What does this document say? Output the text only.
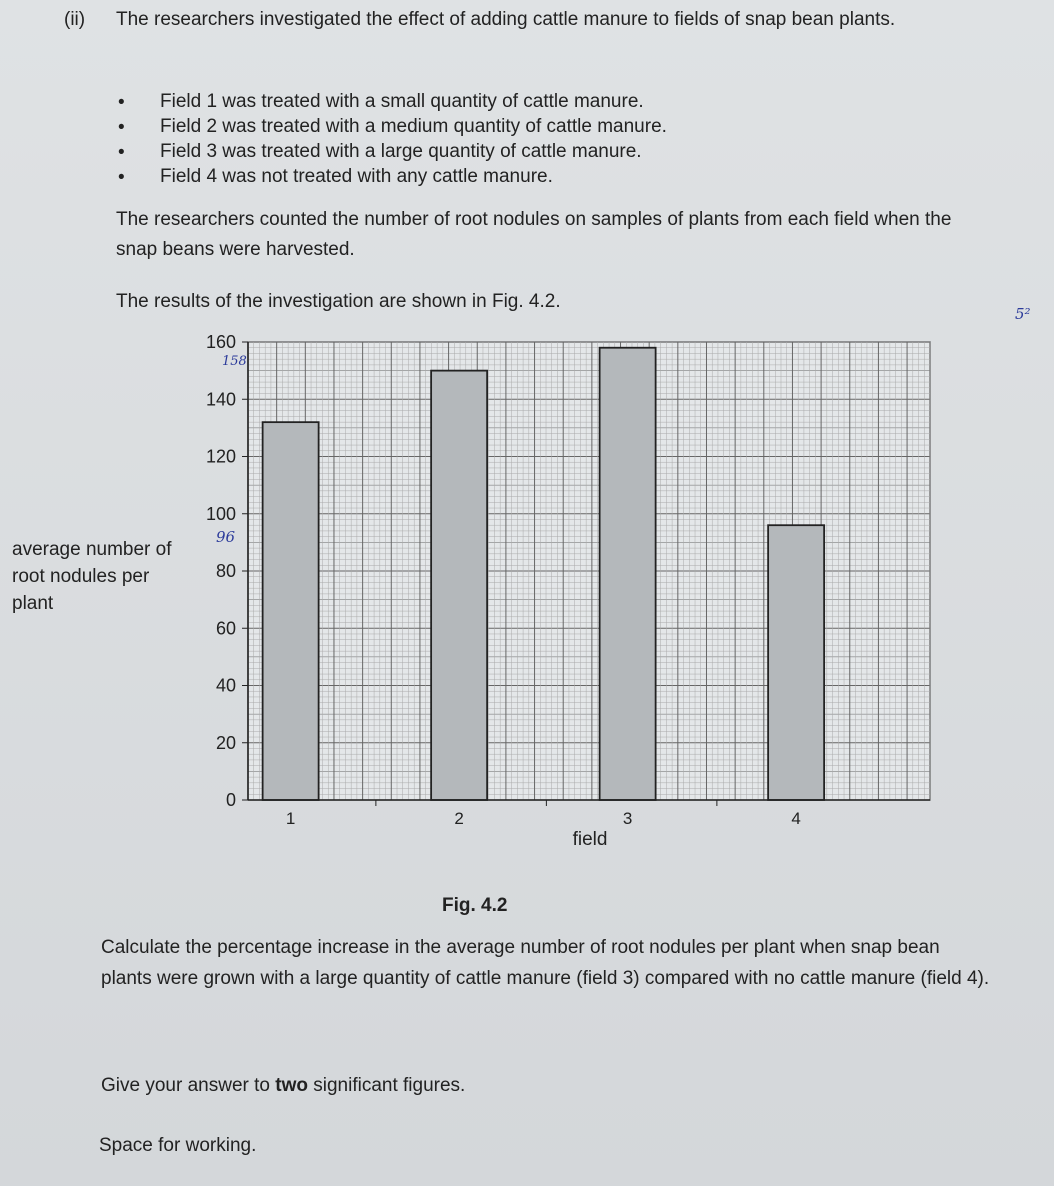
(ii) The researchers investigated the effect of adding cattle manure to fields of snap bean plants.
• Field 1 was treated with a small quantity of cattle manure.
• Field 2 was treated with a medium quantity of cattle manure.
• Field 3 was treated with a large quantity of cattle manure.
• Field 4 was not treated with any cattle manure.
The researchers counted the number of root nodules on samples of plants from each field when the snap beans were harvested.
The results of the investigation are shown in Fig. 4.2.
5²
average number of root nodules per plant
1	2	3	4
0
20
40
60
80
100
120
140
160
field
158
96
Fig. 4.2
Calculate the percentage increase in the average number of root nodules per plant when snap bean plants were grown with a large quantity of cattle manure (field 3) compared with no cattle manure (field 4).
Give your answer to two significant figures.
Space for working.
